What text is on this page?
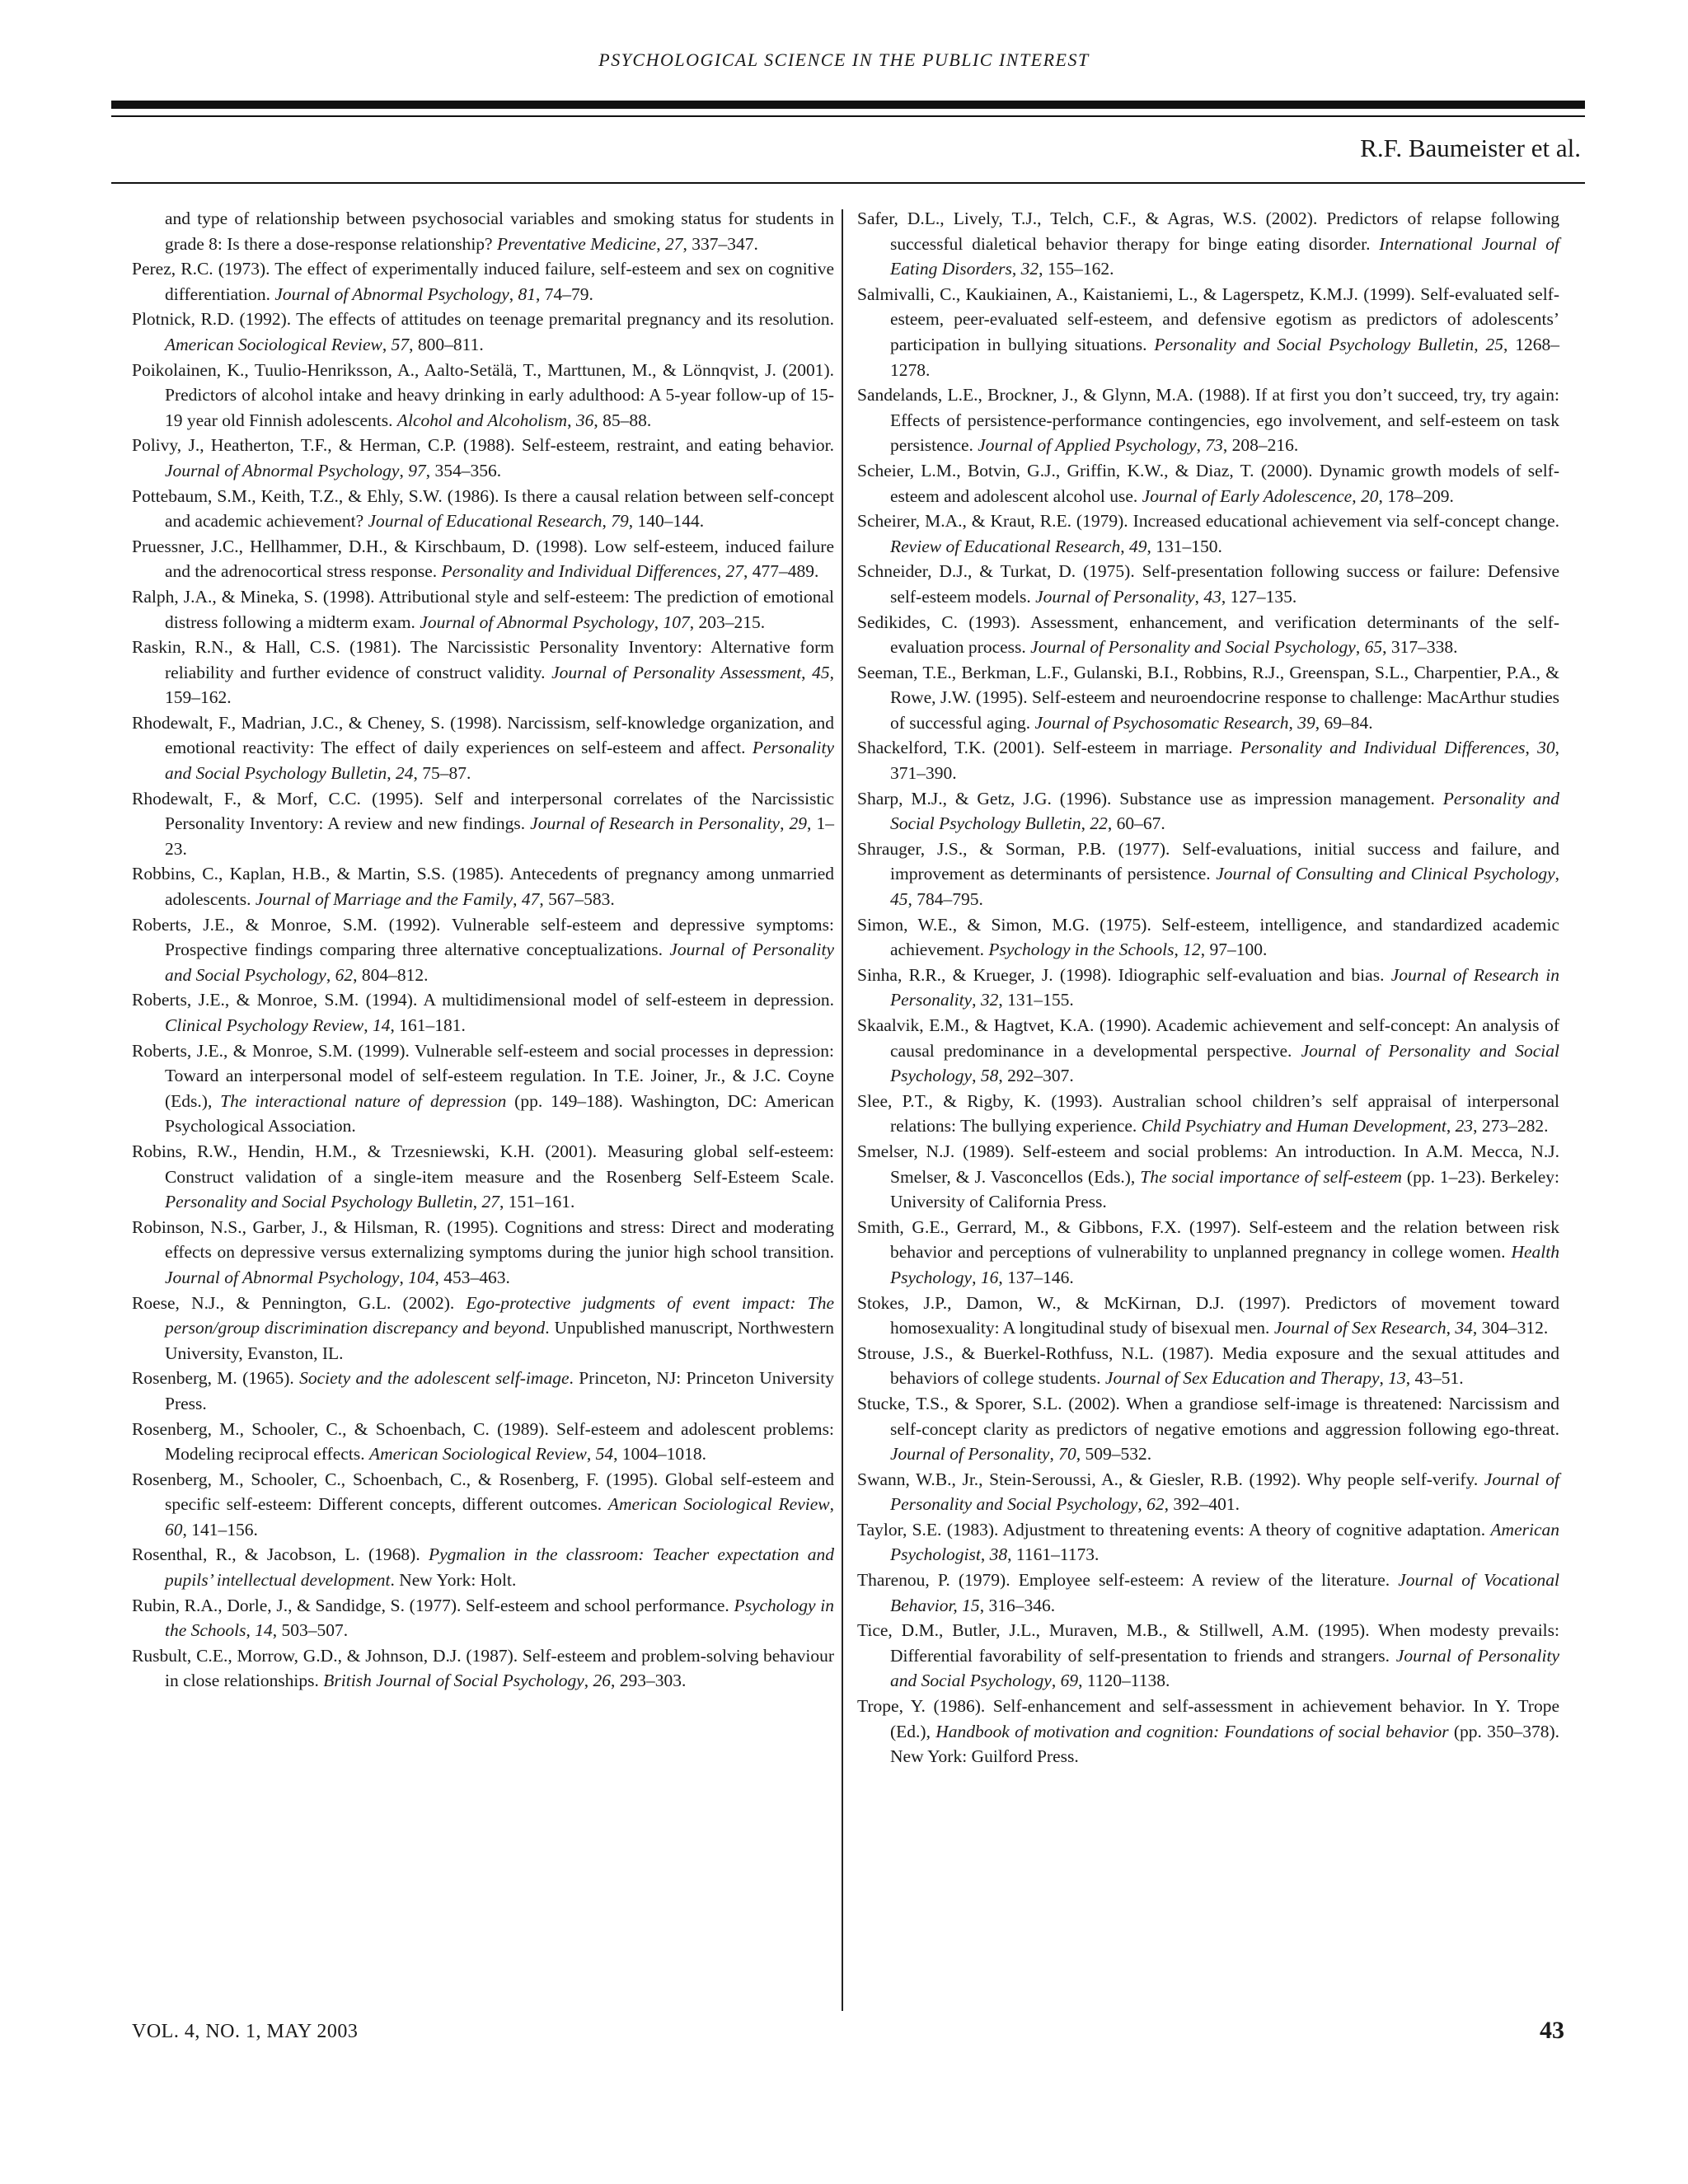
PSYCHOLOGICAL SCIENCE IN THE PUBLIC INTEREST
R.F. Baumeister et al.

and type of relationship between psychosocial variables and smoking status for students in grade 8: Is there a dose-response relationship? Preventative Medicine, 27, 337–347.

Perez, R.C. (1973). The effect of experimentally induced failure, self-esteem and sex on cognitive differentiation. Journal of Abnormal Psychology, 81, 74–79.

Plotnick, R.D. (1992). The effects of attitudes on teenage premarital pregnancy and its resolution. American Sociological Review, 57, 800–811.

Poikolainen, K., Tuulio-Henriksson, A., Aalto-Setälä, T., Marttunen, M., & Lönnqvist, J. (2001). Predictors of alcohol intake and heavy drinking in early adulthood: A 5-year follow-up of 15-19 year old Finnish adolescents. Alcohol and Alcoholism, 36, 85–88.

Polivy, J., Heatherton, T.F., & Herman, C.P. (1988). Self-esteem, restraint, and eating behavior. Journal of Abnormal Psychology, 97, 354–356.

Pottebaum, S.M., Keith, T.Z., & Ehly, S.W. (1986). Is there a causal relation between self-concept and academic achievement? Journal of Educational Research, 79, 140–144.

Pruessner, J.C., Hellhammer, D.H., & Kirschbaum, D. (1998). Low self-esteem, induced failure and the adrenocortical stress response. Personality and Individual Differences, 27, 477–489.

Ralph, J.A., & Mineka, S. (1998). Attributional style and self-esteem: The prediction of emotional distress following a midterm exam. Journal of Abnormal Psychology, 107, 203–215.

Raskin, R.N., & Hall, C.S. (1981). The Narcissistic Personality Inventory: Alternative form reliability and further evidence of construct validity. Journal of Personality Assessment, 45, 159–162.

Rhodewalt, F., Madrian, J.C., & Cheney, S. (1998). Narcissism, self-knowledge organization, and emotional reactivity: The effect of daily experiences on self-esteem and affect. Personality and Social Psychology Bulletin, 24, 75–87.

Rhodewalt, F., & Morf, C.C. (1995). Self and interpersonal correlates of the Narcissistic Personality Inventory: A review and new findings. Journal of Research in Personality, 29, 1–23.

Robbins, C., Kaplan, H.B., & Martin, S.S. (1985). Antecedents of pregnancy among unmarried adolescents. Journal of Marriage and the Family, 47, 567–583.

Roberts, J.E., & Monroe, S.M. (1992). Vulnerable self-esteem and depressive symptoms: Prospective findings comparing three alternative conceptualizations. Journal of Personality and Social Psychology, 62, 804–812.

Roberts, J.E., & Monroe, S.M. (1994). A multidimensional model of self-esteem in depression. Clinical Psychology Review, 14, 161–181.

Roberts, J.E., & Monroe, S.M. (1999). Vulnerable self-esteem and social processes in depression: Toward an interpersonal model of self-esteem regulation. In T.E. Joiner, Jr., & J.C. Coyne (Eds.), The interactional nature of depression (pp. 149–188). Washington, DC: American Psychological Association.

Robins, R.W., Hendin, H.M., & Trzesniewski, K.H. (2001). Measuring global self-esteem: Construct validation of a single-item measure and the Rosenberg Self-Esteem Scale. Personality and Social Psychology Bulletin, 27, 151–161.

Robinson, N.S., Garber, J., & Hilsman, R. (1995). Cognitions and stress: Direct and moderating effects on depressive versus externalizing symptoms during the junior high school transition. Journal of Abnormal Psychology, 104, 453–463.

Roese, N.J., & Pennington, G.L. (2002). Ego-protective judgments of event impact: The person/group discrimination discrepancy and beyond. Unpublished manuscript, Northwestern University, Evanston, IL.

Rosenberg, M. (1965). Society and the adolescent self-image. Princeton, NJ: Princeton University Press.

Rosenberg, M., Schooler, C., & Schoenbach, C. (1989). Self-esteem and adolescent problems: Modeling reciprocal effects. American Sociological Review, 54, 1004–1018.

Rosenberg, M., Schooler, C., Schoenbach, C., & Rosenberg, F. (1995). Global self-esteem and specific self-esteem: Different concepts, different outcomes. American Sociological Review, 60, 141–156.

Rosenthal, R., & Jacobson, L. (1968). Pygmalion in the classroom: Teacher expectation and pupils’ intellectual development. New York: Holt.

Rubin, R.A., Dorle, J., & Sandidge, S. (1977). Self-esteem and school performance. Psychology in the Schools, 14, 503–507.

Rusbult, C.E., Morrow, G.D., & Johnson, D.J. (1987). Self-esteem and problem-solving behaviour in close relationships. British Journal of Social Psychology, 26, 293–303.

Safer, D.L., Lively, T.J., Telch, C.F., & Agras, W.S. (2002). Predictors of relapse following successful dialetical behavior therapy for binge eating disorder. International Journal of Eating Disorders, 32, 155–162.

Salmivalli, C., Kaukiainen, A., Kaistaniemi, L., & Lagerspetz, K.M.J. (1999). Self-evaluated self-esteem, peer-evaluated self-esteem, and defensive egotism as predictors of adolescents’ participation in bullying situations. Personality and Social Psychology Bulletin, 25, 1268–1278.

Sandelands, L.E., Brockner, J., & Glynn, M.A. (1988). If at first you don’t succeed, try, try again: Effects of persistence-performance contingencies, ego involvement, and self-esteem on task persistence. Journal of Applied Psychology, 73, 208–216.

Scheier, L.M., Botvin, G.J., Griffin, K.W., & Diaz, T. (2000). Dynamic growth models of self-esteem and adolescent alcohol use. Journal of Early Adolescence, 20, 178–209.

Scheirer, M.A., & Kraut, R.E. (1979). Increased educational achievement via self-concept change. Review of Educational Research, 49, 131–150.

Schneider, D.J., & Turkat, D. (1975). Self-presentation following success or failure: Defensive self-esteem models. Journal of Personality, 43, 127–135.

Sedikides, C. (1993). Assessment, enhancement, and verification determinants of the self-evaluation process. Journal of Personality and Social Psychology, 65, 317–338.

Seeman, T.E., Berkman, L.F., Gulanski, B.I., Robbins, R.J., Greenspan, S.L., Charpentier, P.A., & Rowe, J.W. (1995). Self-esteem and neuroendocrine response to challenge: MacArthur studies of successful aging. Journal of Psychosomatic Research, 39, 69–84.

Shackelford, T.K. (2001). Self-esteem in marriage. Personality and Individual Differences, 30, 371–390.

Sharp, M.J., & Getz, J.G. (1996). Substance use as impression management. Personality and Social Psychology Bulletin, 22, 60–67.

Shrauger, J.S., & Sorman, P.B. (1977). Self-evaluations, initial success and failure, and improvement as determinants of persistence. Journal of Consulting and Clinical Psychology, 45, 784–795.

Simon, W.E., & Simon, M.G. (1975). Self-esteem, intelligence, and standardized academic achievement. Psychology in the Schools, 12, 97–100.

Sinha, R.R., & Krueger, J. (1998). Idiographic self-evaluation and bias. Journal of Research in Personality, 32, 131–155.

Skaalvik, E.M., & Hagtvet, K.A. (1990). Academic achievement and self-concept: An analysis of causal predominance in a developmental perspective. Journal of Personality and Social Psychology, 58, 292–307.

Slee, P.T., & Rigby, K. (1993). Australian school children’s self appraisal of interpersonal relations: The bullying experience. Child Psychiatry and Human Development, 23, 273–282.

Smelser, N.J. (1989). Self-esteem and social problems: An introduction. In A.M. Mecca, N.J. Smelser, & J. Vasconcellos (Eds.), The social importance of self-esteem (pp. 1–23). Berkeley: University of California Press.

Smith, G.E., Gerrard, M., & Gibbons, F.X. (1997). Self-esteem and the relation between risk behavior and perceptions of vulnerability to unplanned pregnancy in college women. Health Psychology, 16, 137–146.

Stokes, J.P., Damon, W., & McKirnan, D.J. (1997). Predictors of movement toward homosexuality: A longitudinal study of bisexual men. Journal of Sex Research, 34, 304–312.

Strouse, J.S., & Buerkel-Rothfuss, N.L. (1987). Media exposure and the sexual attitudes and behaviors of college students. Journal of Sex Education and Therapy, 13, 43–51.

Stucke, T.S., & Sporer, S.L. (2002). When a grandiose self-image is threatened: Narcissism and self-concept clarity as predictors of negative emotions and aggression following ego-threat. Journal of Personality, 70, 509–532.

Swann, W.B., Jr., Stein-Seroussi, A., & Giesler, R.B. (1992). Why people self-verify. Journal of Personality and Social Psychology, 62, 392–401.

Taylor, S.E. (1983). Adjustment to threatening events: A theory of cognitive adaptation. American Psychologist, 38, 1161–1173.

Tharenou, P. (1979). Employee self-esteem: A review of the literature. Journal of Vocational Behavior, 15, 316–346.

Tice, D.M., Butler, J.L., Muraven, M.B., & Stillwell, A.M. (1995). When modesty prevails: Differential favorability of self-presentation to friends and strangers. Journal of Personality and Social Psychology, 69, 1120–1138.

Trope, Y. (1986). Self-enhancement and self-assessment in achievement behavior. In Y. Trope (Ed.), Handbook of motivation and cognition: Foundations of social behavior (pp. 350–378). New York: Guilford Press.

VOL. 4, NO. 1, MAY 2003	43
